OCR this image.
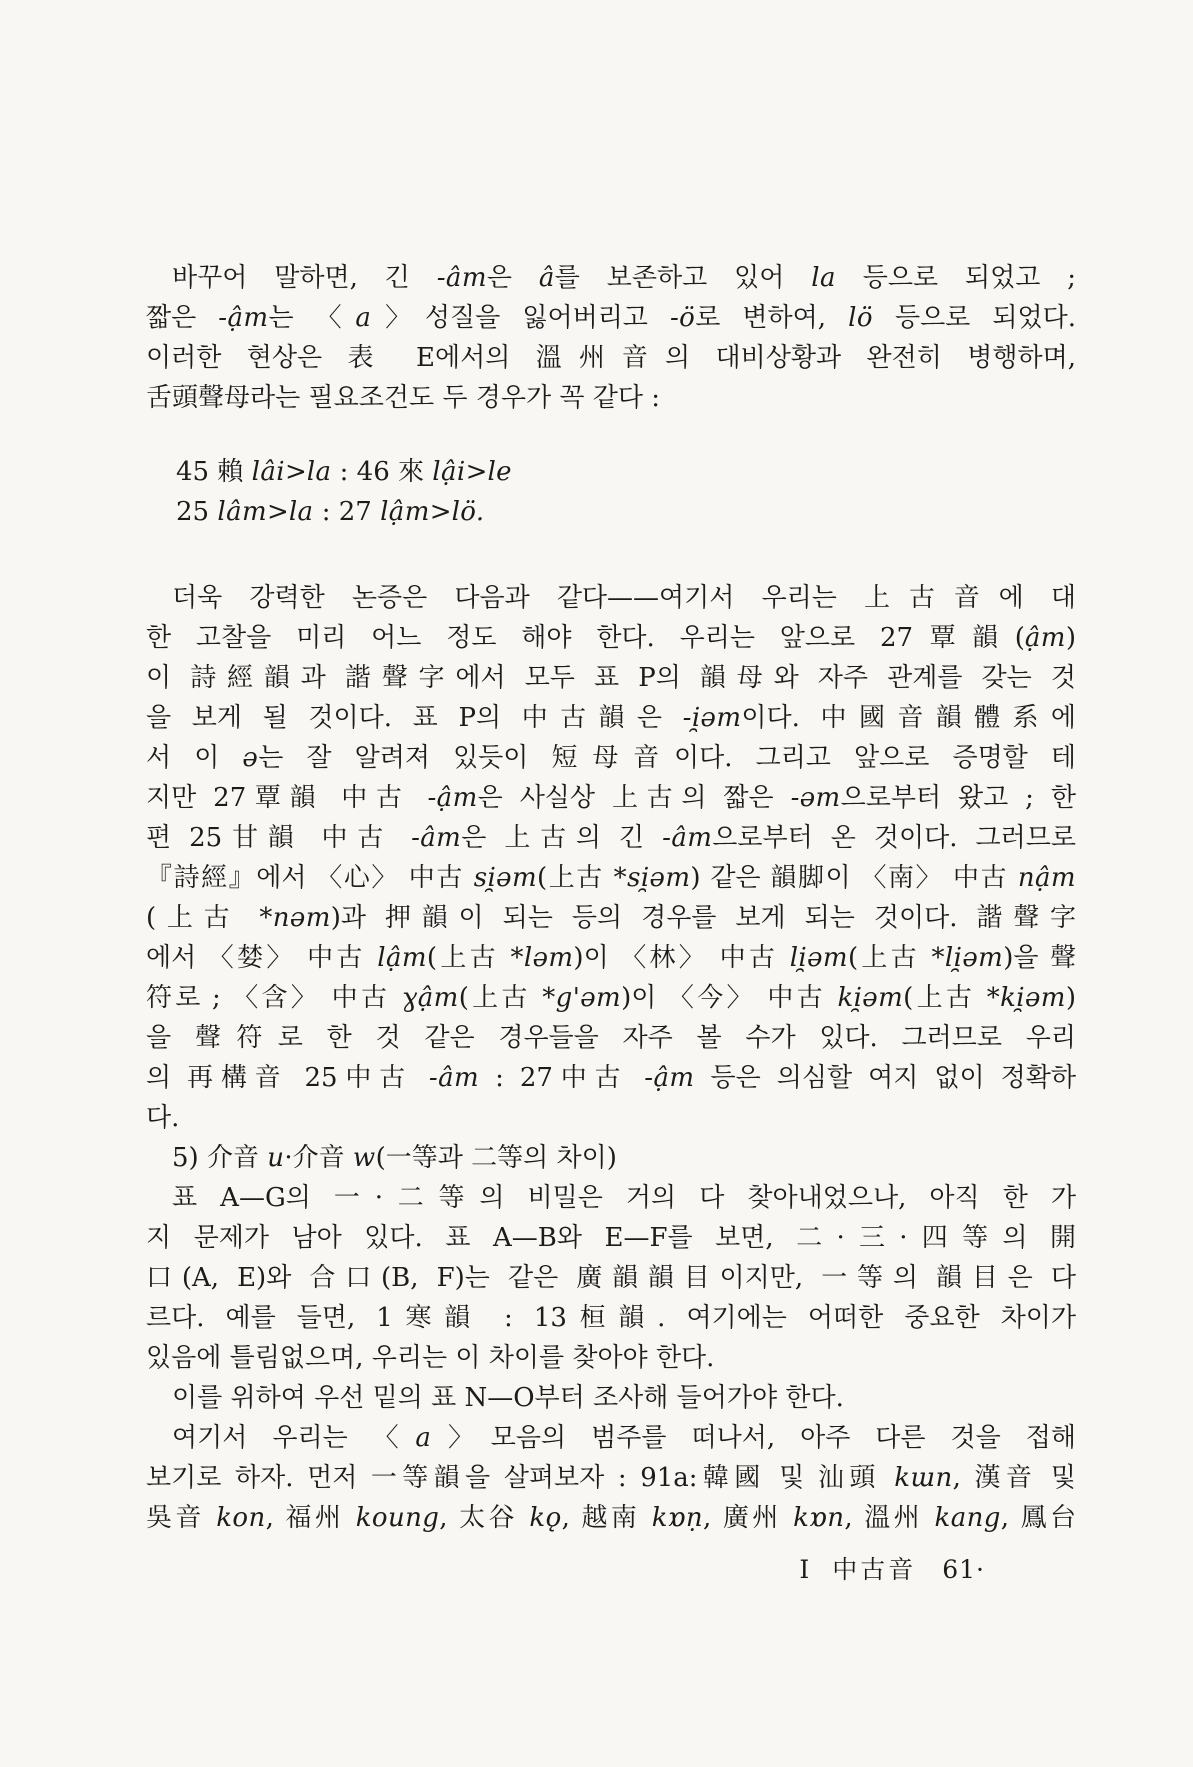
바꾸어 말하면, 긴 -âm은 â를 보존하고 있어 la 등으로 되었고 ;
짧은 -ậm는 〈a〉성질을 잃어버리고 -ö로 변하여, lö 등으로 되었다.
이러한 현상은 表 E에서의 溫州音의 대비상황과 완전히 병행하며,
舌頭聲母라는 필요조건도 두 경우가 꼭 같다 :
45 賴 lâi>la : 46 來 lậi>le
25 lâm>la : 27 lậm>lö.
더욱 강력한 논증은 다음과 같다——여기서 우리는 上古音에 대
한 고찰을 미리 어느 정도 해야 한다. 우리는 앞으로 27覃韻(ậm)
이 詩經韻과 諧聲字에서 모두 표 P의 韻母와 자주 관계를 갖는 것
을 보게 될 것이다. 표 P의 中古韻은 -i̯əm이다. 中國音韻體系에
서 이 ə는 잘 알려져 있듯이 短母音이다. 그리고 앞으로 증명할 테
지만 27覃韻 中古 -ậm은 사실상 上古의 짧은 -əm으로부터 왔고 ; 한
편 25甘韻 中古 -âm은 上古의 긴 -âm으로부터 온 것이다. 그러므로
『詩經』에서 〈心〉 中古 si̯əm(上古 *si̯əm) 같은 韻脚이 〈南〉 中古 nậm
(上古 *nəm)과 押韻이 되는 등의 경우를 보게 되는 것이다. 諧聲字
에서 〈婪〉 中古 lậm(上古 *ləm)이 〈林〉 中古 li̯əm(上古 *li̯əm)을 聲
符로 ; 〈含〉 中古 ɣậm(上古 *g'əm)이 〈今〉 中古 ki̯əm(上古 *ki̯əm)
을 聲符로 한 것 같은 경우들을 자주 볼 수가 있다. 그러므로 우리
의 再構音 25中古 -âm : 27中古 -ậm 등은 의심할 여지 없이 정확하
다.
5) 介音 u·介音 w(一等과 二等의 차이)
표 A—G의 一·二等의 비밀은 거의 다 찾아내었으나, 아직 한 가
지 문제가 남아 있다. 표 A—B와 E—F를 보면, 二·三·四等의 開
口(A, E)와 合口(B, F)는 같은 廣韻韻目이지만, 一等의 韻目은 다
르다. 예를 들면, 1寒韻 : 13桓韻. 여기에는 어떠한 중요한 차이가
있음에 틀림없으며, 우리는 이 차이를 찾아야 한다.
이를 위하여 우선 밑의 표 N—O부터 조사해 들어가야 한다.
여기서 우리는 〈a〉모음의 범주를 떠나서, 아주 다른 것을 접해
보기로 하자. 먼저 一等韻을 살펴보자 : 91a:韓國 및 汕頭 kɯn, 漢音 및
吳音 kon, 福州 koung, 太谷 kǫ, 越南 kɒṇ, 廣州 kɒn, 溫州 kang, 鳳台
I 中古音 61·
